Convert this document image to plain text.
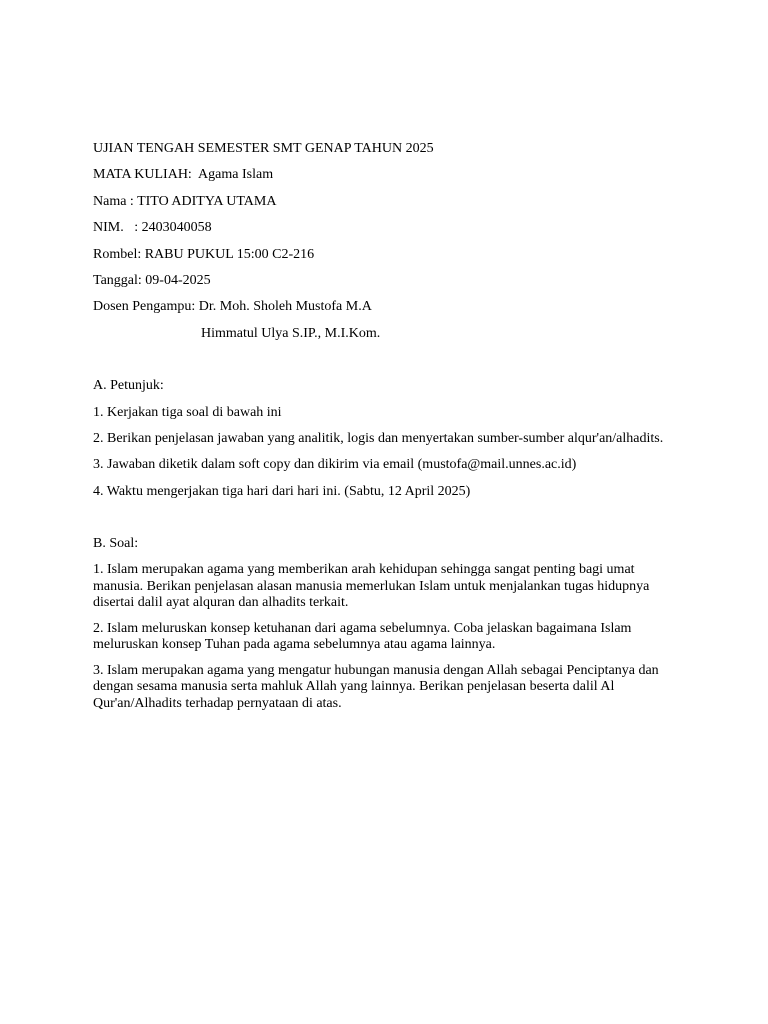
UJIAN TENGAH SEMESTER SMT GENAP TAHUN 2025
MATA KULIAH:  Agama Islam
Nama : TITO ADITYA UTAMA
NIM.   : 2403040058
Rombel: RABU PUKUL 15:00 C2-216
Tanggal: 09-04-2025
Dosen Pengampu: Dr. Moh. Sholeh Mustofa M.A
Himmatul Ulya S.IP., M.I.Kom.
A. Petunjuk:
1. Kerjakan tiga soal di bawah ini
2. Berikan penjelasan jawaban yang analitik, logis dan menyertakan sumber-sumber alqur'an/alhadits.
3. Jawaban diketik dalam soft copy dan dikirim via email (mustofa@mail.unnes.ac.id)
4. Waktu mengerjakan tiga hari dari hari ini. (Sabtu, 12 April 2025)
B. Soal:
1. Islam merupakan agama yang memberikan arah kehidupan sehingga sangat penting bagi umat manusia. Berikan penjelasan alasan manusia memerlukan Islam untuk menjalankan tugas hidupnya disertai dalil ayat alquran dan alhadits terkait.
2. Islam meluruskan konsep ketuhanan dari agama sebelumnya. Coba jelaskan bagaimana Islam meluruskan konsep Tuhan pada agama sebelumnya atau agama lainnya.
3. Islam merupakan agama yang mengatur hubungan manusia dengan Allah sebagai Penciptanya dan dengan sesama manusia serta mahluk Allah yang lainnya. Berikan penjelasan beserta dalil Al Qur'an/Alhadits terhadap pernyataan di atas.
